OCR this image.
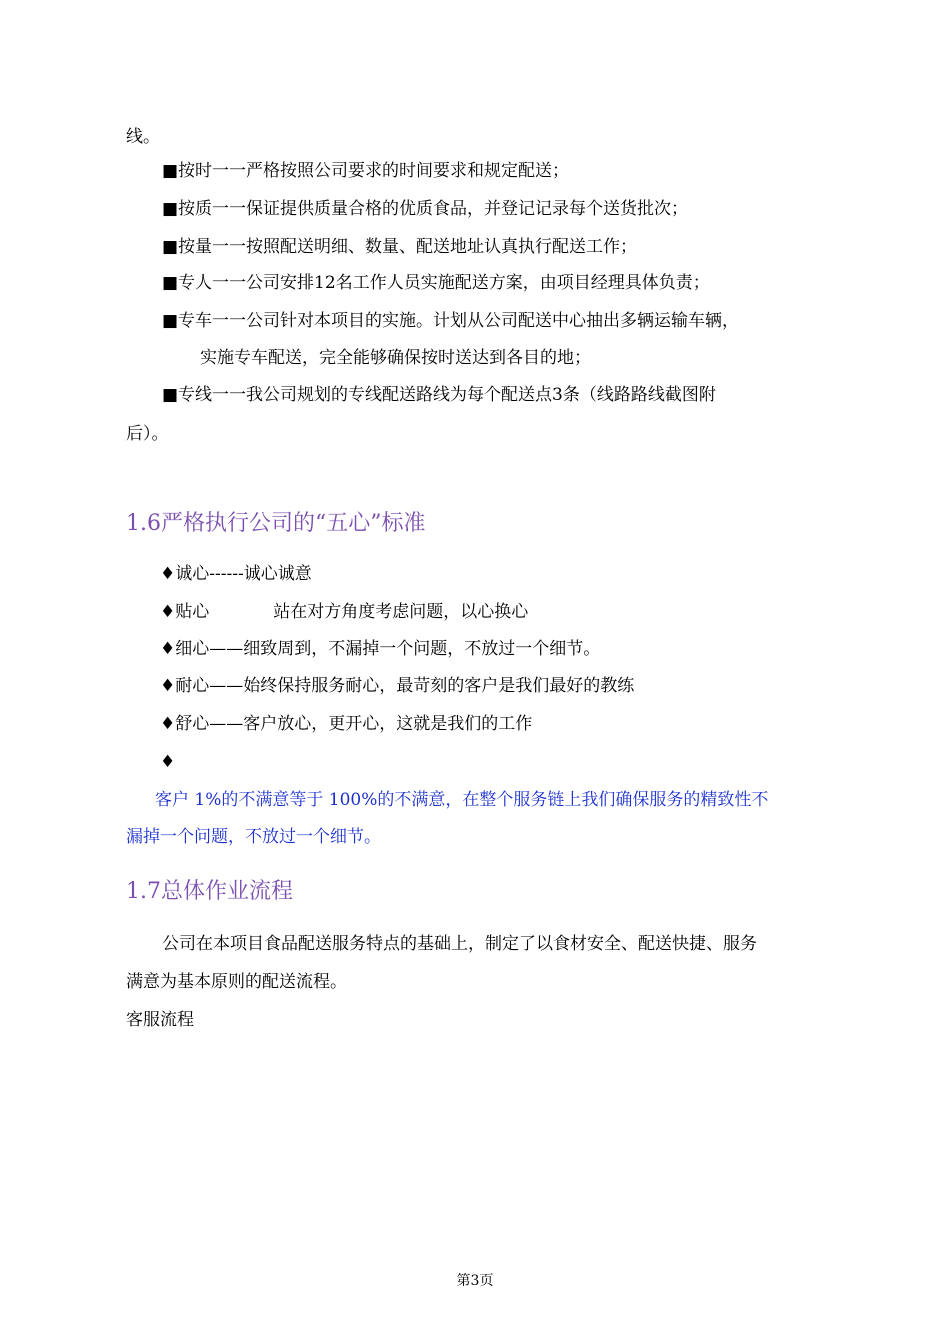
线。
■按时一一严格按照公司要求的时间要求和规定配送；
■按质一一保证提供质量合格的优质食品，并登记记录每个送货批次；
■按量一一按照配送明细、数量、配送地址认真执行配送工作；
■专人一一公司安排12名工作人员实施配送方案，由项目经理具体负责；
■专车一一公司针对本项目的实施。计划从公司配送中心抽出多辆运输车辆，
实施专车配送，完全能够确保按时送达到各目的地；
■专线一一我公司规划的专线配送路线为每个配送点3条（线路路线截图附
后）。
1.6严格执行公司的“五心”标准
♦诚心------诚心诚意
♦贴心	站在对方角度考虑问题，以心换心
♦细心——细致周到，不漏掉一个问题，不放过一个细节。
♦耐心——始终保持服务耐心，最苛刻的客户是我们最好的教练
♦舒心——客户放心，更开心，这就是我们的工作
♦
客户 1%的不满意等于 100%的不满意，在整个服务链上我们确保服务的精致性不
漏掉一个问题，不放过一个细节。
1.7总体作业流程
公司在本项目食品配送服务特点的基础上，制定了以食材安全、配送快捷、服务
满意为基本原则的配送流程。
客服流程
第3页
